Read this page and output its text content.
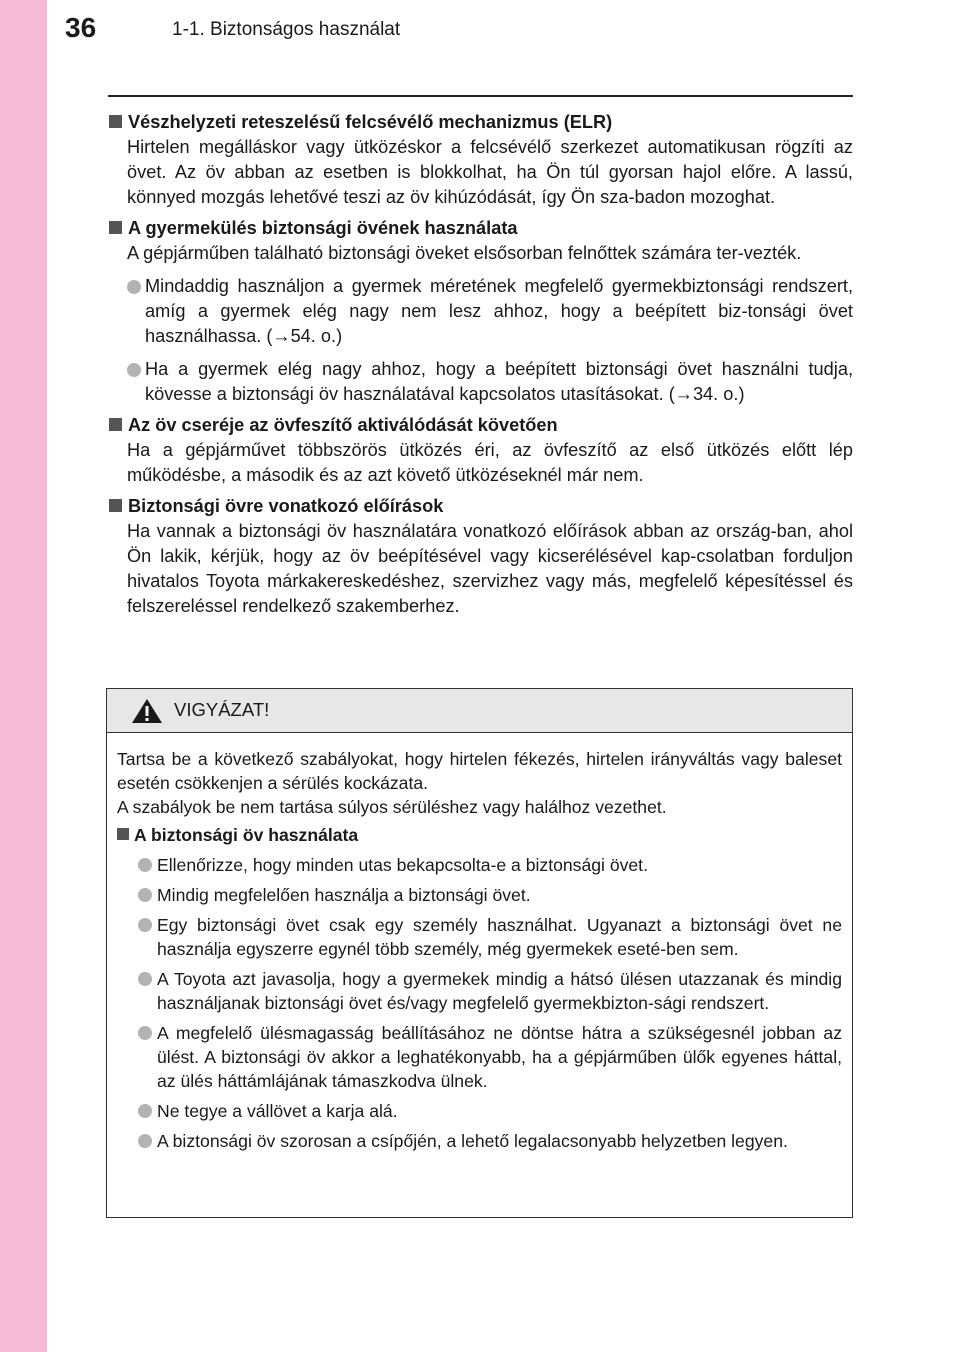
36	1-1. Biztonságos használat
Vészhelyzeti reteszelésű felcsévélő mechanizmus (ELR)
Hirtelen megálláskor vagy ütközéskor a felcsévélő szerkezet automatikusan rögzíti az övet. Az öv abban az esetben is blokkolhat, ha Ön túl gyorsan hajol előre. A lassú, könnyed mozgás lehetővé teszi az öv kihúzódását, így Ön sza-badon mozoghat.
A gyermekülés biztonsági övének használata
A gépjárműben található biztonsági öveket elsősorban felnőttek számára ter-vezték.
Mindaddig használjon a gyermek méretének megfelelő gyermekbiztonsági rendszert, amíg a gyermek elég nagy nem lesz ahhoz, hogy a beépített biz-tonsági övet használhassa. (→54. o.)
Ha a gyermek elég nagy ahhoz, hogy a beépített biztonsági övet használni tudja, kövesse a biztonsági öv használatával kapcsolatos utasításokat. (→34. o.)
Az öv cseréje az övfeszítő aktiválódását követően
Ha a gépjárművet többszörös ütközés éri, az övfeszítő az első ütközés előtt lép működésbe, a második és az azt követő ütközéseknél már nem.
Biztonsági övre vonatkozó előírások
Ha vannak a biztonsági öv használatára vonatkozó előírások abban az ország-ban, ahol Ön lakik, kérjük, hogy az öv beépítésével vagy kicserélésével kap-csolatban forduljon hivatalos Toyota márkakereskedéshez, szervizhez vagy más, megfelelő képesítéssel és felszereléssel rendelkező szakemberhez.
VIGYÁZAT!
Tartsa be a következő szabályokat, hogy hirtelen fékezés, hirtelen irányváltás vagy baleset esetén csökkenjen a sérülés kockázata.
A szabályok be nem tartása súlyos sérüléshez vagy halálhoz vezethet.
A biztonsági öv használata
Ellenőrizze, hogy minden utas bekapcsolta-e a biztonsági övet.
Mindig megfelelően használja a biztonsági övet.
Egy biztonsági övet csak egy személy használhat. Ugyanazt a biztonsági övet ne használja egyszerre egynél több személy, még gyermekek eseté-ben sem.
A Toyota azt javasolja, hogy a gyermekek mindig a hátsó ülésen utazzanak és mindig használjanak biztonsági övet és/vagy megfelelő gyermekbizton-sági rendszert.
A megfelelő ülésmagasság beállításához ne döntse hátra a szükségesnél jobban az ülést. A biztonsági öv akkor a leghatékonyabb, ha a gépjárműben ülők egyenes háttal, az ülés háttámlájának támaszkodva ülnek.
Ne tegye a vállövet a karja alá.
A biztonsági öv szorosan a csípőjén, a lehető legalacsonyabb helyzetben legyen.
